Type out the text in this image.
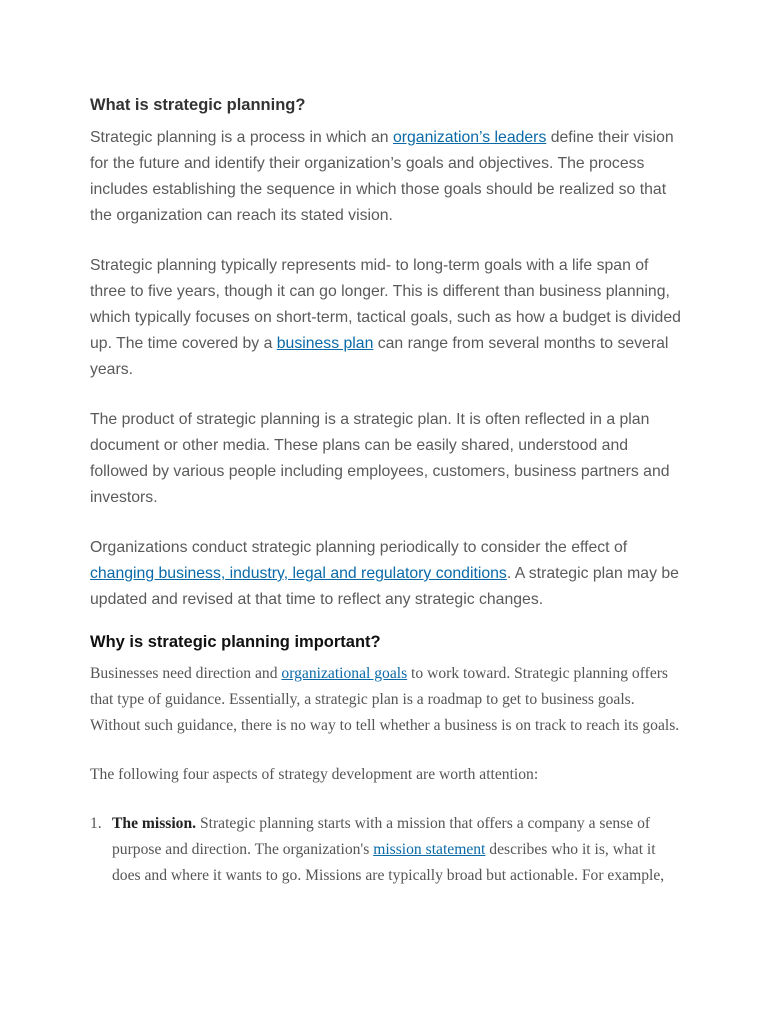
What is strategic planning?

Strategic planning is a process in which an organization’s leaders define their vision for the future and identify their organization’s goals and objectives. The process includes establishing the sequence in which those goals should be realized so that the organization can reach its stated vision.

Strategic planning typically represents mid- to long-term goals with a life span of three to five years, though it can go longer. This is different than business planning, which typically focuses on short-term, tactical goals, such as how a budget is divided up. The time covered by a business plan can range from several months to several years.

The product of strategic planning is a strategic plan. It is often reflected in a plan document or other media. These plans can be easily shared, understood and followed by various people including employees, customers, business partners and investors.

Organizations conduct strategic planning periodically to consider the effect of changing business, industry, legal and regulatory conditions. A strategic plan may be updated and revised at that time to reflect any strategic changes.

Why is strategic planning important?

Businesses need direction and organizational goals to work toward. Strategic planning offers that type of guidance. Essentially, a strategic plan is a roadmap to get to business goals. Without such guidance, there is no way to tell whether a business is on track to reach its goals.

The following four aspects of strategy development are worth attention:

1. The mission. Strategic planning starts with a mission that offers a company a sense of purpose and direction. The organization's mission statement describes who it is, what it does and where it wants to go. Missions are typically broad but actionable. For example,
